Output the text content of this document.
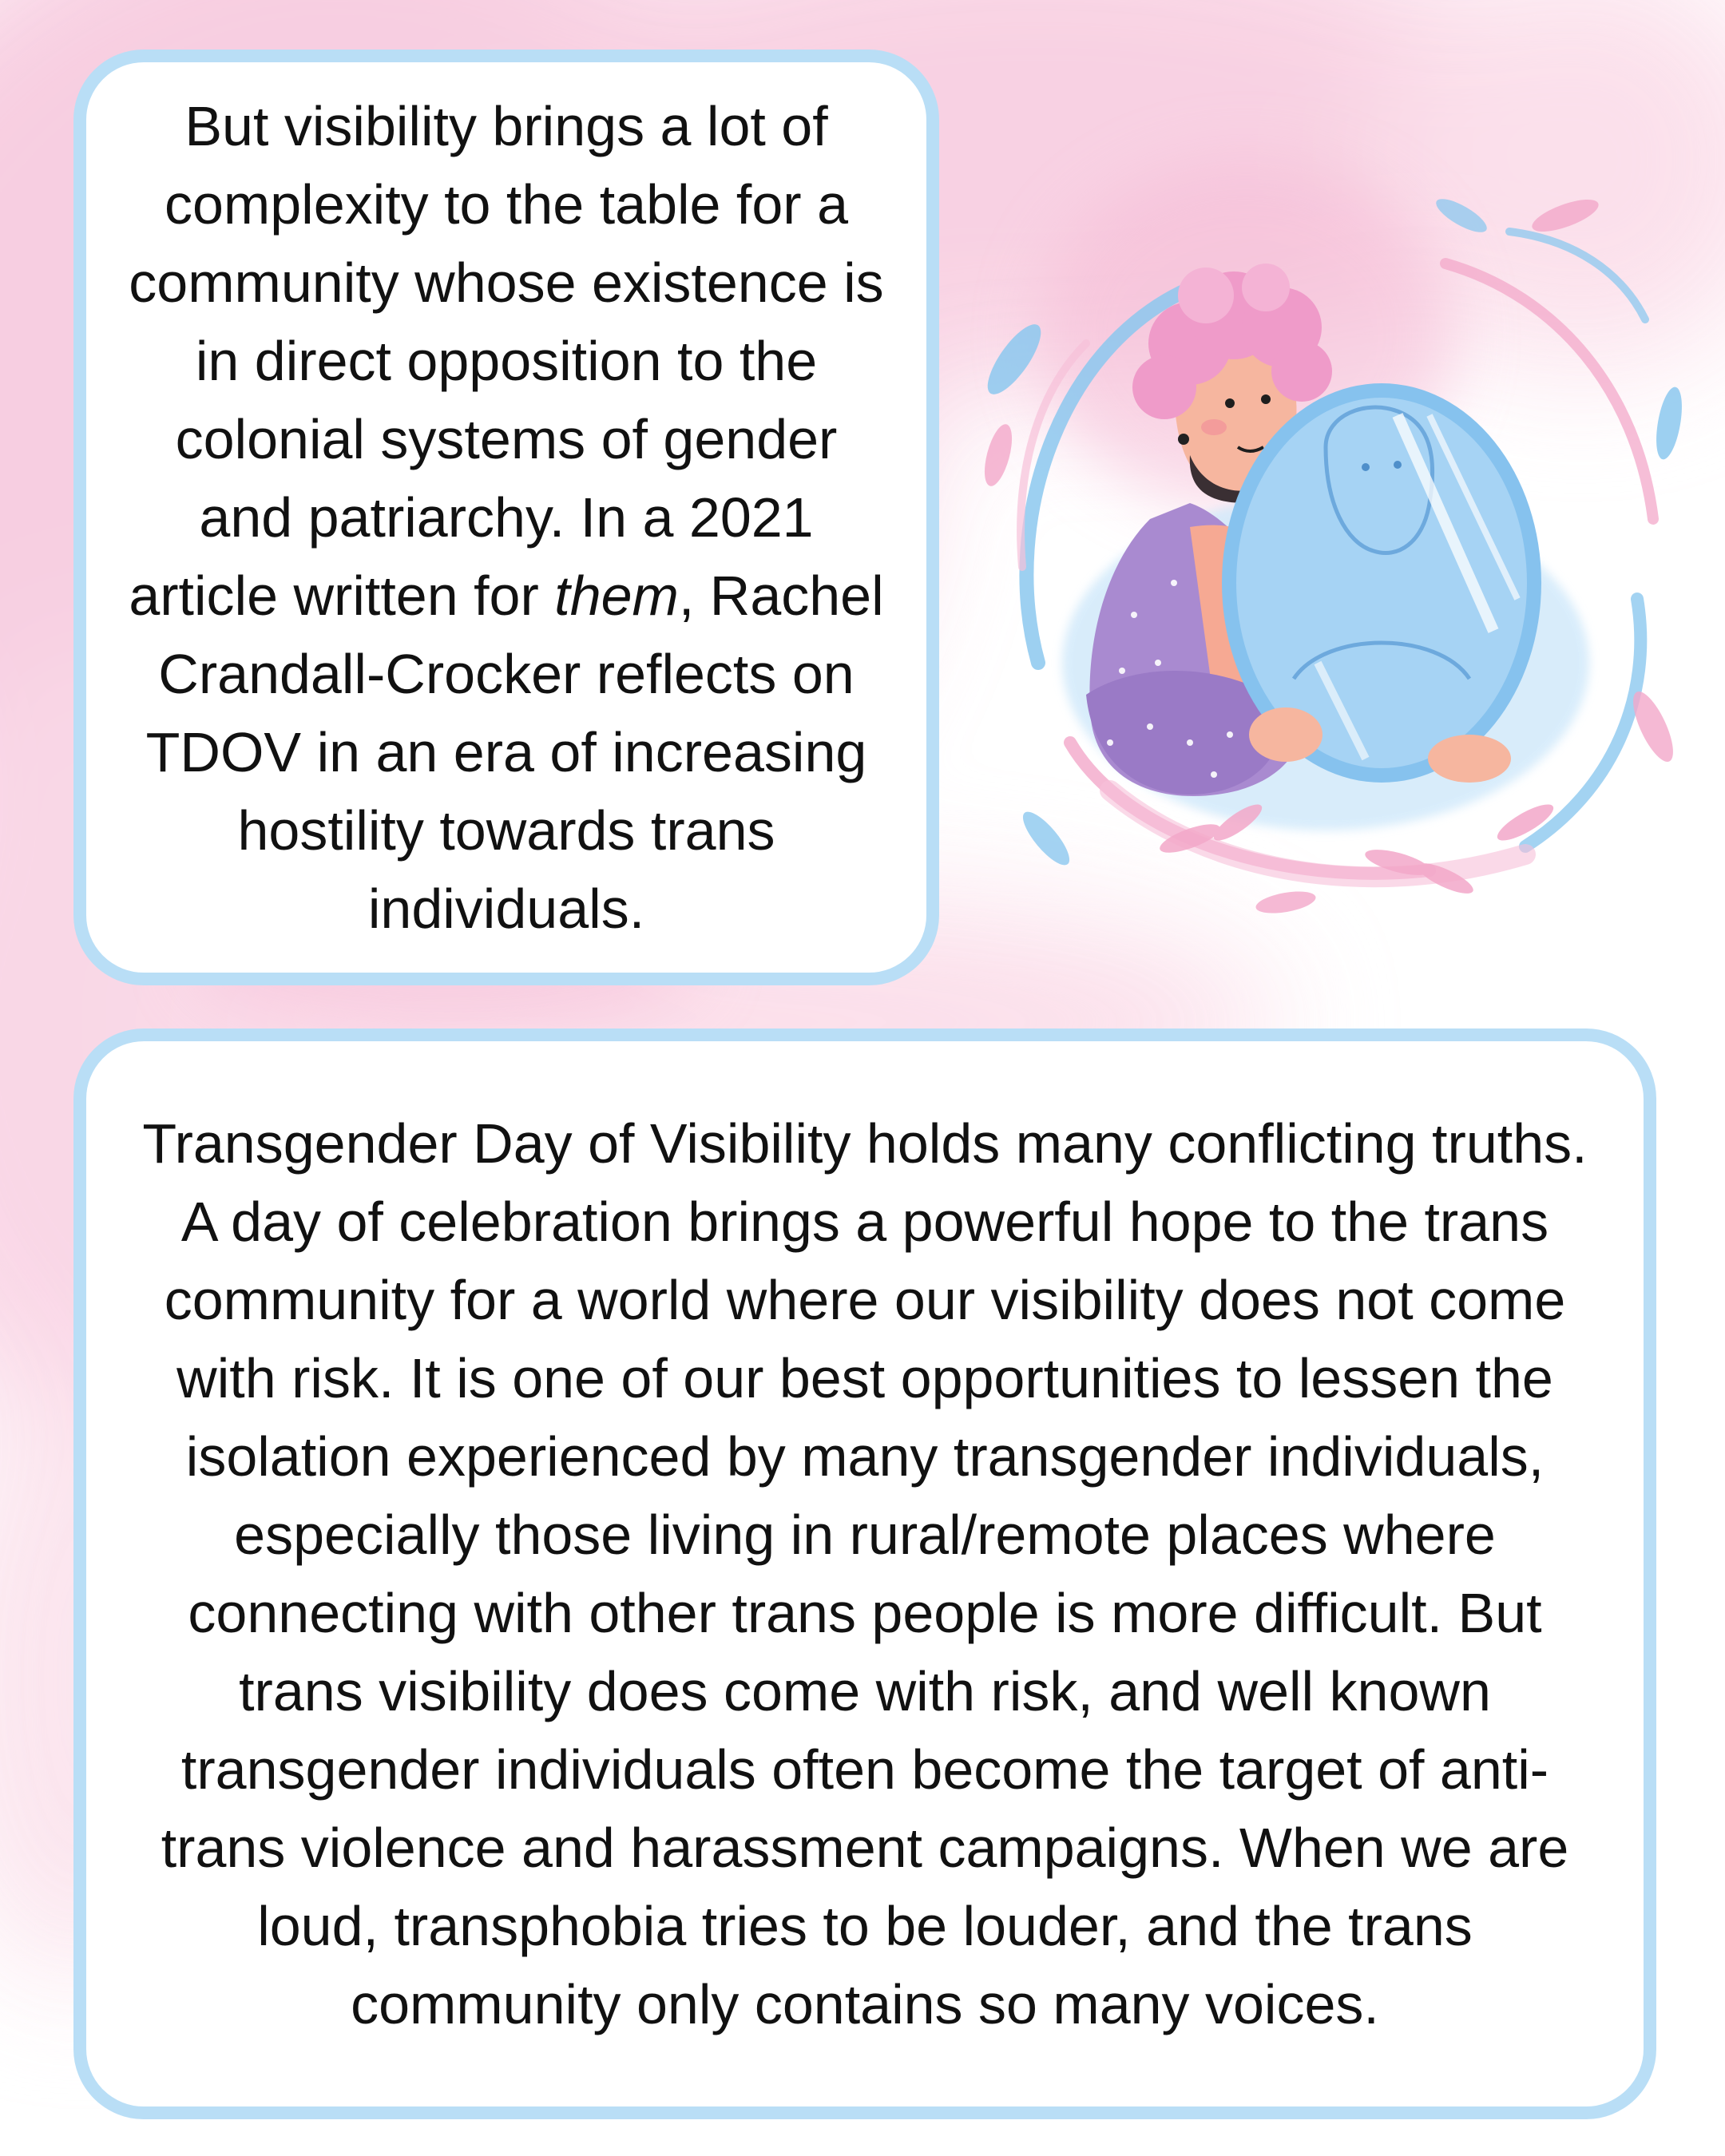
But visibility brings a lot of complexity to the table for a community whose existence is in direct opposition to the colonial systems of gender and patriarchy. In a 2021 article written for them, Rachel Crandall-Crocker reflects on TDOV in an era of increasing hostility towards trans individuals.

Transgender Day of Visibility holds many conflicting truths. A day of celebration brings a powerful hope to the trans community for a world where our visibility does not come with risk. It is one of our best opportunities to lessen the isolation experienced by many transgender individuals, especially those living in rural/remote places where connecting with other trans people is more difficult. But trans visibility does come with risk, and well known transgender individuals often become the target of anti-trans violence and harassment campaigns. When we are loud, transphobia tries to be louder, and the trans community only contains so many voices.
